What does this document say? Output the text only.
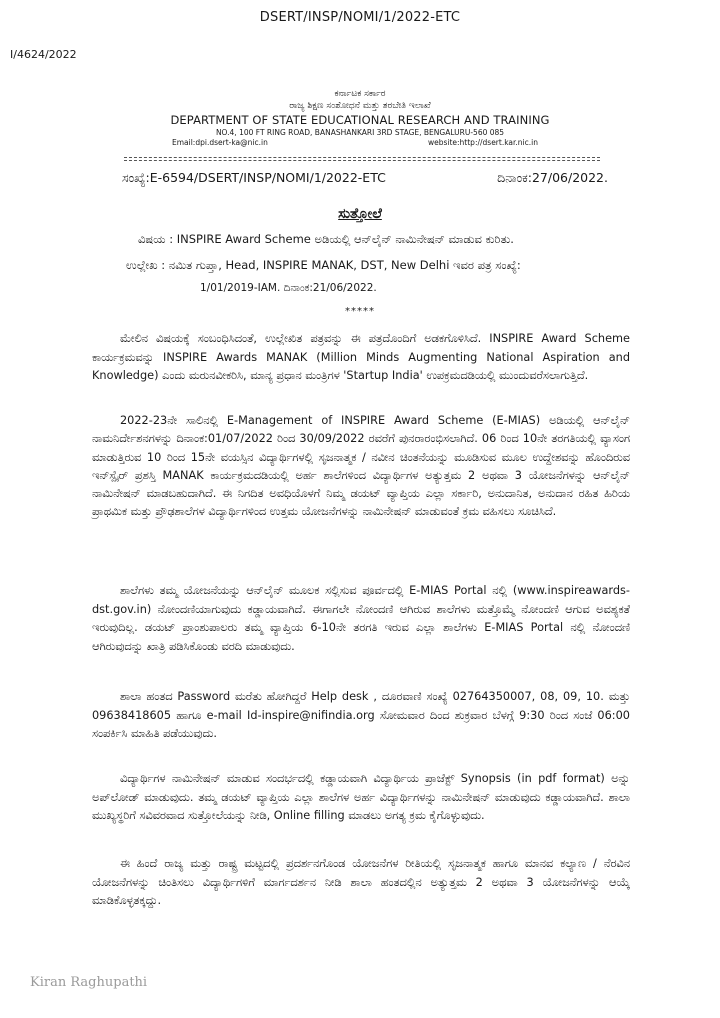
DSERT/INSP/NOMI/1/2022-ETC
I/4624/2022
ಕರ್ನಾಟಕ ಸರ್ಕಾರ
ರಾಜ್ಯ ಶಿಕ್ಷಣ ಸಂಶೋಧನೆ ಮತ್ತು ತರಬೇತಿ ಇಲಾಖೆ
DEPARTMENT OF STATE EDUCATIONAL RESEARCH AND TRAINING
NO.4, 100 FT RING ROAD, BANASHANKARI 3RD STAGE, BENGALURU-560 085
Email:dpi.dsert-ka@nic.in	website:http://dsert.kar.nic.in
ಸಂಖ್ಯೆ:E-6594/DSERT/INSP/NOMI/1/2022-ETC	ದಿನಾಂಕ:27/06/2022.
ಸುತ್ತೋಲೆ
ವಿಷಯ : INSPIRE Award Scheme ಅಡಿಯಲ್ಲಿ ಆನ್‌ಲೈನ್ ನಾಮಿನೇಷನ್ ಮಾಡುವ ಕುರಿತು.
ಉಲ್ಲೇಖ : ನಮಿತ ಗುಪ್ತಾ, Head, INSPIRE MANAK, DST, New Delhi ಇವರ ಪತ್ರ ಸಂಖ್ಯೆ:
1/01/2019-IAM. ದಿನಾಂಕ:21/06/2022.
*****
ಮೇಲಿನ ವಿಷಯಕ್ಕೆ ಸಂಬಂಧಿಸಿದಂತೆ, ಉಲ್ಲೇಖಿತ ಪತ್ರವನ್ನು ಈ ಪತ್ರದೊಂದಿಗೆ ಅಡಕಗೊಳಿಸಿದೆ. INSPIRE Award Scheme ಕಾರ್ಯಕ್ರಮವನ್ನು INSPIRE Awards MANAK (Million Minds Augmenting National Aspiration and Knowledge) ಎಂದು ಮರುನವೀಕರಿಸಿ, ಮಾನ್ಯ ಪ್ರಧಾನ ಮಂತ್ರಿಗಳ 'Startup India' ಉಪಕ್ರಮದಡಿಯಲ್ಲಿ ಮುಂದುವರೆಸಲಾಗುತ್ತಿದೆ.
2022-23ನೇ ಸಾಲಿನಲ್ಲಿ E-Management of INSPIRE Award Scheme (E-MIAS) ಅಡಿಯಲ್ಲಿ ಆನ್‌ಲೈನ್ ನಾಮನಿರ್ದೇಶನಗಳನ್ನು ದಿನಾಂಕ:01/07/2022 ರಿಂದ 30/09/2022 ರವರೆಗೆ ಪುನರಾರಂಭಿಸಲಾಗಿದೆ. 06 ರಿಂದ 10ನೇ ತರಗತಿಯಲ್ಲಿ ವ್ಯಾಸಂಗ ಮಾಡುತ್ತಿರುವ 10 ರಿಂದ 15ನೇ ವಯಸ್ಸಿನ ವಿದ್ಯಾರ್ಥಿಗಳಲ್ಲಿ ಸೃಜನಾತ್ಮಕ / ನವೀನ ಚಿಂತನೆಯನ್ನು ಮೂಡಿಸುವ ಮೂಲ ಉದ್ದೇಶವನ್ನು ಹೊಂದಿರುವ ಇನ್‌ಸ್ಪೈರ್ ಪ್ರಶಸ್ತಿ MANAK ಕಾರ್ಯಕ್ರಮದಡಿಯಲ್ಲಿ ಅರ್ಹ ಶಾಲೆಗಳಿಂದ ವಿದ್ಯಾರ್ಥಿಗಳ ಅತ್ಯುತ್ತಮ 2 ಅಥವಾ 3 ಯೋಜನೆಗಳನ್ನು ಆನ್‌ಲೈನ್ ನಾಮಿನೇಷನ್ ಮಾಡಬಹುದಾಗಿದೆ. ಈ ನಿಗದಿತ ಅವಧಿಯೊಳಗೆ ನಿಮ್ಮ ಡಯಟ್ ವ್ಯಾಪ್ತಿಯ ಎಲ್ಲಾ ಸರ್ಕಾರಿ, ಅನುದಾನಿತ, ಅನುದಾನ ರಹಿತ ಹಿರಿಯ ಪ್ರಾಥಮಿಕ ಮತ್ತು ಪ್ರೌಢಶಾಲೆಗಳ ವಿದ್ಯಾರ್ಥಿಗಳಿಂದ ಉತ್ತಮ ಯೋಜನೆಗಳನ್ನು ನಾಮಿನೇಷನ್ ಮಾಡುವಂತೆ ಕ್ರಮ ವಹಿಸಲು ಸೂಚಿಸಿದೆ.
ಶಾಲೆಗಳು ತಮ್ಮ ಯೋಜನೆಯನ್ನು ಆನ್‌ಲೈನ್ ಮೂಲಕ ಸಲ್ಲಿಸುವ ಪೂರ್ವದಲ್ಲಿ E-MIAS Portal ನಲ್ಲಿ (www.inspireawards-dst.gov.in) ನೋಂದಣಿಯಾಗುವುದು ಕಡ್ಡಾಯವಾಗಿದೆ. ಈಗಾಗಲೇ ನೋಂದಣಿ ಆಗಿರುವ ಶಾಲೆಗಳು ಮತ್ತೊಮ್ಮೆ ನೋಂದಣಿ ಆಗುವ ಅವಶ್ಯಕತೆ ಇರುವುದಿಲ್ಲ. ಡಯಟ್ ಪ್ರಾಂಶುಪಾಲರು ತಮ್ಮ ವ್ಯಾಪ್ತಿಯ 6-10ನೇ ತರಗತಿ ಇರುವ ಎಲ್ಲಾ ಶಾಲೆಗಳು E-MIAS Portal ನಲ್ಲಿ ನೋಂದಣಿ ಆಗಿರುವುದನ್ನು ಖಾತ್ರಿ ಪಡಿಸಿಕೊಂಡು ವರದಿ ಮಾಡುವುದು.
ಶಾಲಾ ಹಂತದ Password ಮರೆತು ಹೋಗಿದ್ದರೆ Help desk , ದೂರವಾಣಿ ಸಂಖ್ಯೆ 02764350007, 08, 09, 10. ಮತ್ತು 09638418605 ಹಾಗೂ e-mail Id-inspire@nifindia.org ಸೋಮವಾರ ದಿಂದ ಶುಕ್ರವಾರ ಬೆಳಗ್ಗೆ 9:30 ರಿಂದ ಸಂಜೆ 06:00 ಸಂಪರ್ಕಿಸಿ ಮಾಹಿತಿ ಪಡೆಯುವುದು.
ವಿದ್ಯಾರ್ಥಿಗಳ ನಾಮಿನೇಷನ್ ಮಾಡುವ ಸಂದರ್ಭದಲ್ಲಿ ಕಡ್ಡಾಯವಾಗಿ ವಿದ್ಯಾರ್ಥಿಯ ಪ್ರಾಜೆಕ್ಟ್ Synopsis (in pdf format) ಅನ್ನು ಅಪ್‌ಲೋಡ್ ಮಾಡುವುದು. ತಮ್ಮ ಡಯಟ್ ವ್ಯಾಪ್ತಿಯ ಎಲ್ಲಾ ಶಾಲೆಗಳ ಅರ್ಹ ವಿದ್ಯಾರ್ಥಿಗಳನ್ನು ನಾಮಿನೇಷನ್ ಮಾಡುವುದು ಕಡ್ಡಾಯವಾಗಿದೆ. ಶಾಲಾ ಮುಖ್ಯಸ್ಥರಿಗೆ ಸವಿವರವಾದ ಸುತ್ತೋಲೆಯನ್ನು ನೀಡಿ, Online filling ಮಾಡಲು ಅಗತ್ಯ ಕ್ರಮ ಕೈಗೊಳ್ಳುವುದು.
ಈ ಹಿಂದೆ ರಾಜ್ಯ ಮತ್ತು ರಾಷ್ಟ್ರ ಮಟ್ಟದಲ್ಲಿ ಪ್ರದರ್ಶನಗೊಂಡ ಯೋಜನೆಗಳ ರೀತಿಯಲ್ಲಿ ಸೃಜನಾತ್ಮಕ ಹಾಗೂ ಮಾನವ ಕಲ್ಯಾಣ / ನೆರವಿನ ಯೋಜನೆಗಳನ್ನು ಚಿಂತಿಸಲು ವಿದ್ಯಾರ್ಥಿಗಳಿಗೆ ಮಾರ್ಗದರ್ಶನ ನೀಡಿ ಶಾಲಾ ಹಂತದಲ್ಲಿನ ಅತ್ಯುತ್ತಮ 2 ಅಥವಾ 3 ಯೋಜನೆಗಳನ್ನು ಆಯ್ಕೆ ಮಾಡಿಕೊಳ್ಳತಕ್ಕದ್ದು.
Kiran Raghupathi
